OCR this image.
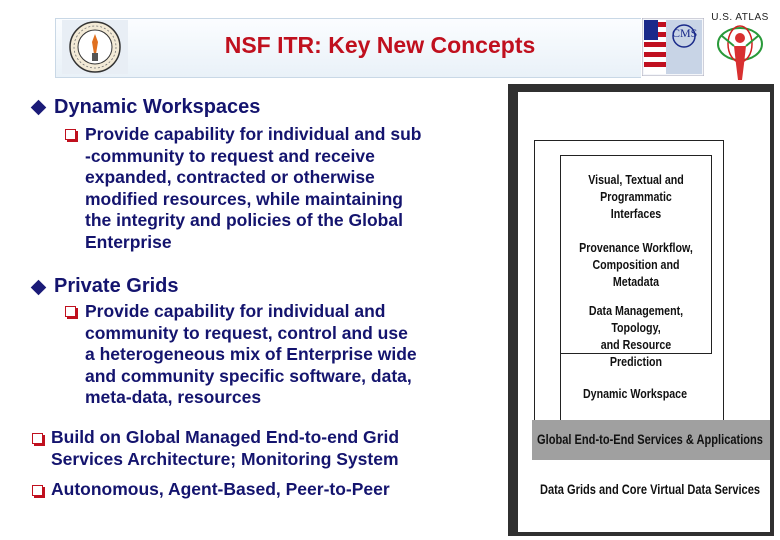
NSF ITR: Key New Concepts	CMS
U.S. ATLAS
Dynamic Workspaces
Provide capability for individual and sub
-community to request and receive
expanded, contracted or otherwise
modified resources, while maintaining
the integrity and policies of the Global
Enterprise
Private Grids
Provide capability for individual and
community to request, control and use
a heterogeneous mix of Enterprise wide
and community specific software, data,
meta-data, resources
Build on Global Managed End-to-end Grid
Services Architecture; Monitoring System
Autonomous, Agent-Based, Peer-to-Peer
Visual, Textual and
Programmatic Interfaces
Provenance Workflow,
Composition and Metadata
Data Management, Topology,
and Resource Prediction
Dynamic Workspace
Global End-to-End Services & Applications
Data Grids and Core Virtual Data Services
